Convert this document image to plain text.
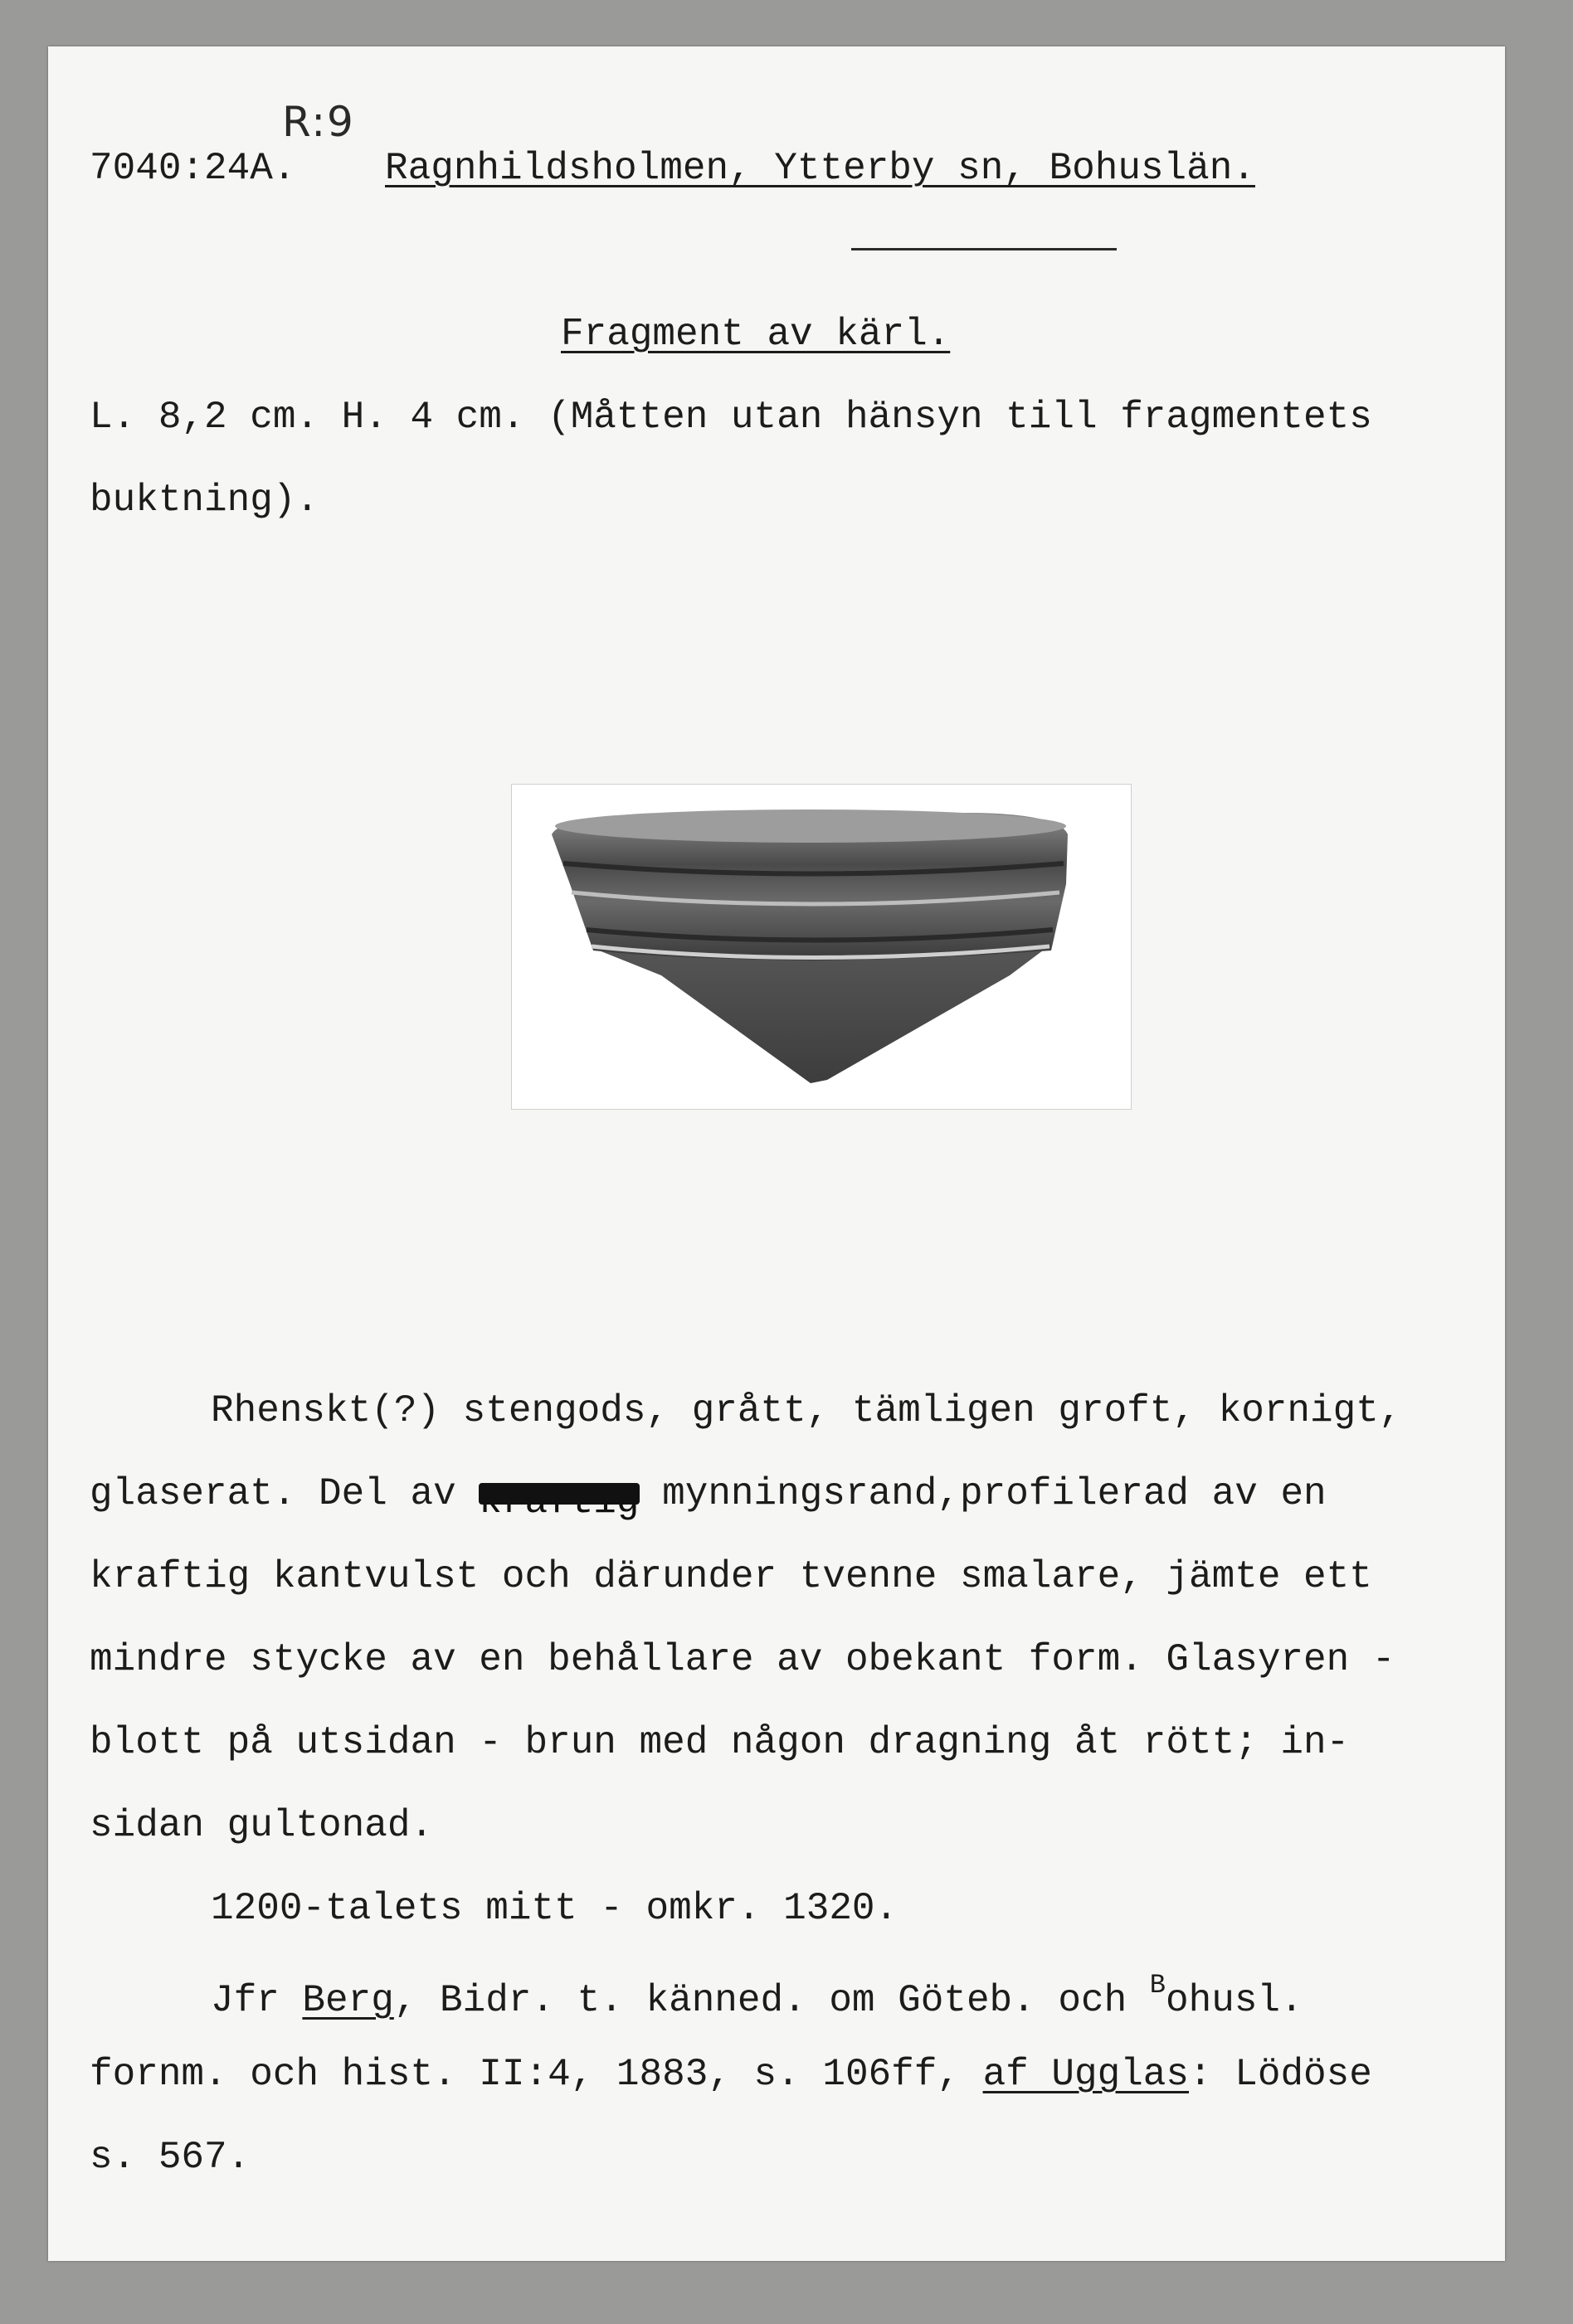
R:9
7040:24A. Ragnhildsholmen, Ytterby sn, Bohuslän.
Fragment av kärl.
L. 8,2 cm. H. 4 cm. (Måtten utan hänsyn till fragmentets
buktning).
Rhenskt(?) stengods, grått, tämligen groft, kornigt,
glaserat. Del av kraftig mynningsrand,profilerad av en
kraftig kantvulst och därunder tvenne smalare, jämte ett
mindre stycke av en behållare av obekant form. Glasyren -
blott på utsidan - brun med någon dragning åt rött; in-
sidan gultonad.
1200-talets mitt - omkr. 1320.
Jfr Berg, Bidr. t. känned. om Göteb. och $^B$ohusl.
fornm. och hist. II:4, 1883, s. 106ff, af Ugglas: Lödöse
s. 567.
